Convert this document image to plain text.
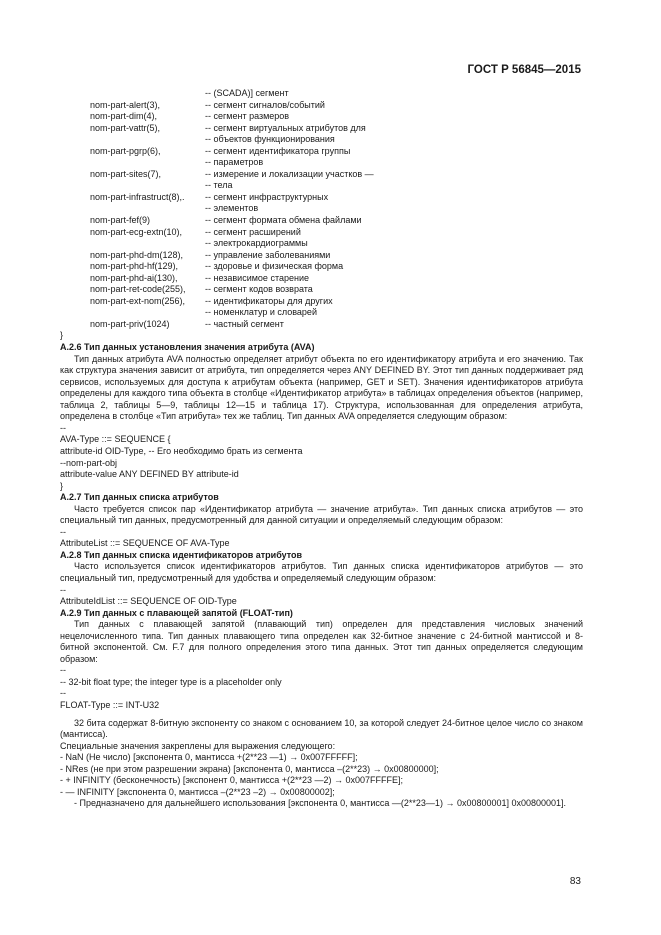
ГОСТ Р 56845—2015
-- (SCADA)] сегмент
nom-part-alert(3),	-- сегмент сигналов/событий
nom-part-dim(4),	-- сегмент размеров
nom-part-vattr(5),	-- сегмент виртуальных атрибутов для
-- объектов функционирования
nom-part-pgrp(6),	-- сегмент идентификатора группы
-- параметров
nom-part-sites(7),	-- измерение и локализации участков —
-- тела
nom-part-infrastruct(8),. -- сегмент инфраструктурных
-- элементов
nom-part-fef(9)	-- сегмент формата обмена файлами
nom-part-ecg-extn(10),	-- сегмент расширений
-- электрокардиограммы
nom-part-phd-dm(128), -- управление заболеваниями
nom-part-phd-hf(129),	-- здоровье и физическая форма
nom-part-phd-ai(130),	-- независимое старение
nom-part-ret-code(255), -- сегмент кодов возврата
nom-part-ext-nom(256), -- идентификаторы для других
-- номенклатур и словарей
nom-part-priv(1024)	-- частный сегмент

}

А.2.6 Тип данных установления значения атрибута (AVA)

Тип данных атрибута AVA полностью определяет атрибут объекта по его идентификатору атрибута и его значению. Так как структура значения зависит от атрибута, тип определяется через ANY DEFINED BY. Этот тип данных поддерживает ряд сервисов, используемых для доступа к атрибутам объекта (например, GET и SET). Значения идентификаторов атрибута определены для каждого типа объекта в столбце «Идентификатор атрибута» в таблицах определения объектов (например, таблица 2, таблицы 5—9, таблицы 12—15 и таблица 17). Структура, использованная для определения атрибута, определена в столбце «Тип атрибута» тех же таблиц. Тип данных AVA определяется следующим образом:

--

AVA-Type ::= SEQUENCE {

attribute-id OID-Type, -- Его необходимо брать из сегмента

--nom-part-obj

attribute-value ANY DEFINED BY attribute-id

}

А.2.7 Тип данных списка атрибутов

Часто требуется список пар «Идентификатор атрибута — значение атрибута». Тип данных списка атрибутов — это специальный тип данных, предусмотренный для данной ситуации и определяемый следующим образом:

--

AttributeList ::= SEQUENCE OF AVA-Type

А.2.8 Тип данных списка идентификаторов атрибутов

Часто используется список идентификаторов атрибутов. Тип данных списка идентификаторов атрибутов — это специальный тип, предусмотренный для удобства и определяемый следующим образом:

--

AttributeIdList ::= SEQUENCE OF OID-Type

А.2.9 Тип данных с плавающей запятой (FLOAT-тип)

Тип данных с плавающей запятой (плавающий тип) определен для представления числовых значений нецелочисленного типа. Тип данных плавающего типа определен как 32-битное значение с 24-битной мантиссой и 8-битной экспонентой. См. F.7 для полного определения этого типа данных. Этот тип данных определяется следующим образом:

--

-- 32-bit float type; the integer type is a placeholder only

--

FLOAT-Type ::= INT-U32

32 бита содержат 8-битную экспоненту со знаком с основанием 10, за которой следует 24-битное целое число со знаком (мантисса).

Специальные значения закреплены для выражения следующего:

- NaN (Не число) [экспонента 0, мантисса +(2**23 —1) → 0x007FFFFF];

- NRes (не при этом разрешении экрана) [экспонента 0, мантисса –(2**23) → 0x00800000];

- + INFINITY (бесконечность) [экспонент 0, мантисса +(2**23 —2) → 0x007FFFFE];

- — INFINITY [экспонента 0, мантисса –(2**23 –2) → 0x00800002];

- Предназначено для дальнейшего использования [экспонента 0, мантисса —(2**23—1) → 0x00800001] 0x00800001].

83
